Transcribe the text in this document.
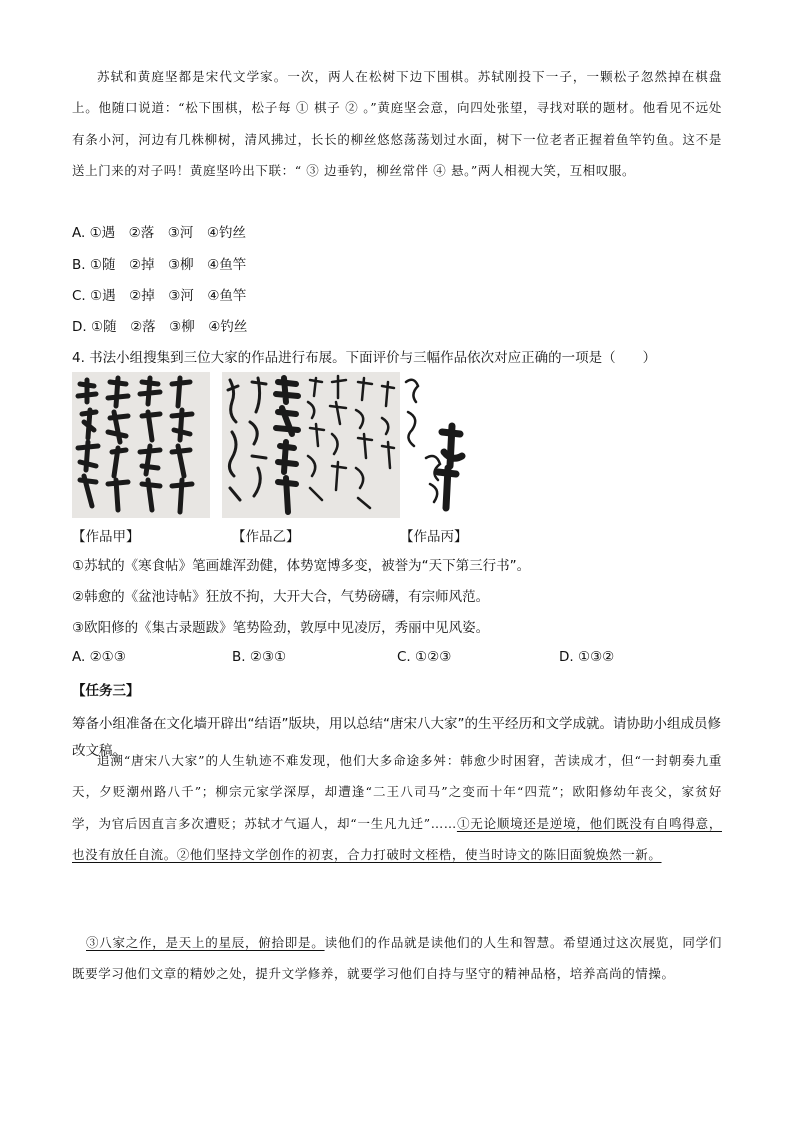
苏轼和黄庭坚都是宋代文学家。一次，两人在松树下边下围棋。苏轼刚投下一子，一颗松子忽然掉在棋盘上。他随口说道：“松下围棋，松子每 ① 棋子 ② 。”黄庭坚会意，向四处张望，寻找对联的题材。他看见不远处有条小河，河边有几株柳树，清风拂过，长长的柳丝悠悠荡荡划过水面，树下一位老者正握着鱼竿钓鱼。这不是送上门来的对子吗！黄庭坚吟出下联：“ ③ 边垂钓，柳丝常伴 ④ 悬。”两人相视大笑，互相叹服。
A. ①遇　②落　③河　④钓丝
B. ①随　②掉　③柳　④鱼竿
C. ①遇　②掉　③河　④鱼竿
D. ①随　②落　③柳　④钓丝
4. 书法小组搜集到三位大家的作品进行布展。下面评价与三幅作品依次对应正确的一项是（　　）
【作品甲】	【作品乙】	【作品丙】
①苏轼的《寒食帖》笔画雄浑劲健，体势宽博多变，被誉为“天下第三行书”。
②韩愈的《盆池诗帖》狂放不拘，大开大合，气势磅礴，有宗师风范。
③欧阳修的《集古录题跋》笔势险劲，敦厚中见凌厉，秀丽中见风姿。
A. ②①③	B. ②③①	C. ①②③	D. ①③②
【任务三】
筹备小组准备在文化墙开辟出“结语”版块，用以总结“唐宋八大家”的生平经历和文学成就。请协助小组成员修改文稿。
追溯“唐宋八大家”的人生轨迹不难发现，他们大多命途多舛：韩愈少时困窘，苦读成才，但“一封朝奏九重天，夕贬潮州路八千”；柳宗元家学深厚，却遭逢“二王八司马”之变而十年“四荒”；欧阳修幼年丧父，家贫好学，为官后因直言多次遭贬；苏轼才气逼人，却“一生凡九迁”……①无论顺境还是逆境，他们既没有自鸣得意，也没有放任自流。②他们坚持文学创作的初衷，合力打破时文桎梏，使当时诗文的陈旧面貌焕然一新。
③八家之作，是天上的星辰，俯拾即是。读他们的作品就是读他们的人生和智慧。希望通过这次展览，同学们既要学习他们文章的精妙之处，提升文学修养，就要学习他们自持与坚守的精神品格，培养高尚的情操。
